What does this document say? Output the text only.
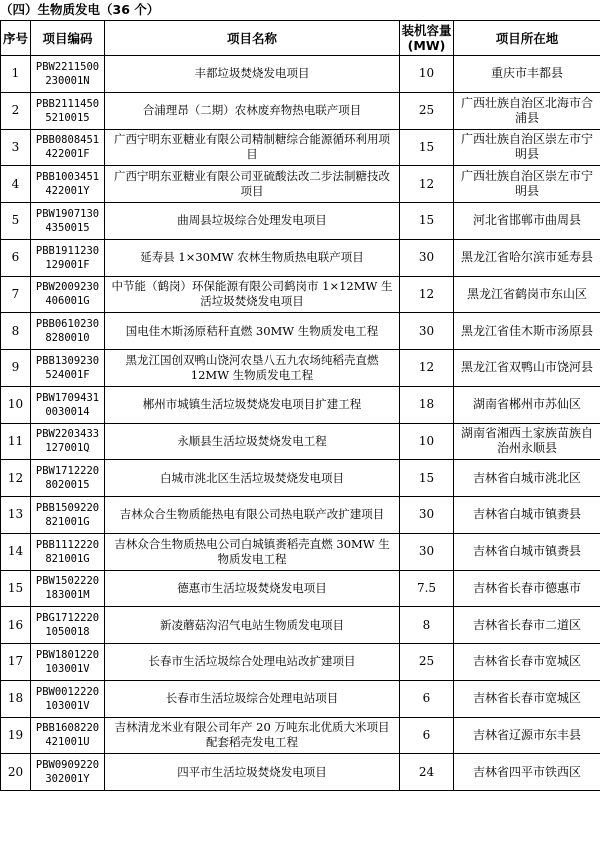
（四）生物质发电（36 个）
序号	项目编码	项目名称	装机容量(MW)	项目所在地
1	PBW2211500230001N	丰都垃圾焚烧发电项目	10	重庆市丰都县
2	PBB21114505210015	合浦理昂（二期）农林废弃物热电联产项目	25	广西壮族自治区北海市合浦县
3	PBB0808451422001F	广西宁明东亚糖业有限公司精制糖综合能源循环利用项目	15	广西壮族自治区崇左市宁明县
4	PBB1003451422001Y	广西宁明东亚糖业有限公司亚硫酸法改二步法制糖技改项目	12	广西壮族自治区崇左市宁明县
5	PBW19071304350015	曲周县垃圾综合处理发电项目	15	河北省邯郸市曲周县
6	PBB1911230129001F	延寿县 1×30MW 农林生物质热电联产项目	30	黑龙江省哈尔滨市延寿县
7	PBW2009230406001G	中节能（鹤岗）环保能源有限公司鹤岗市 1×12MW 生活垃圾焚烧发电项目	12	黑龙江省鹤岗市东山区
8	PBB06102308280010	国电佳木斯汤原秸秆直燃 30MW 生物质发电工程	30	黑龙江省佳木斯市汤原县
9	PBB1309230524001F	黑龙江国创双鸭山饶河农垦八五九农场纯稻壳直燃 12MW 生物质发电工程	12	黑龙江省双鸭山市饶河县
10	PBW17094310030014	郴州市城镇生活垃圾焚烧发电项目扩建工程	18	湖南省郴州市苏仙区
11	PBW2203433127001Q	永顺县生活垃圾焚烧发电工程	10	湖南省湘西土家族苗族自治州永顺县
12	PBW17122208020015	白城市洮北区生活垃圾焚烧发电项目	15	吉林省白城市洮北区
13	PBB1509220821001G	吉林众合生物质能热电有限公司热电联产改扩建项目	30	吉林省白城市镇赉县
14	PBB1112220821001G	吉林众合生物质热电公司白城镇赉稻壳直燃 30MW 生物质发电工程	30	吉林省白城市镇赉县
15	PBW1502220183001M	德惠市生活垃圾焚烧发电项目	7.5	吉林省长春市德惠市
16	PBG17122201050018	新凌蘑菇沟沼气电站生物质发电项目	8	吉林省长春市二道区
17	PBW1801220103001V	长春市生活垃圾综合处理电站改扩建项目	25	吉林省长春市宽城区
18	PBW0012220103001V	长春市生活垃圾综合处理电站项目	6	吉林省长春市宽城区
19	PBB1608220421001U	吉林清龙米业有限公司年产 20 万吨东北优质大米项目配套稻壳发电工程	6	吉林省辽源市东丰县
20	PBW0909220302001Y	四平市生活垃圾焚烧发电项目	24	吉林省四平市铁西区
